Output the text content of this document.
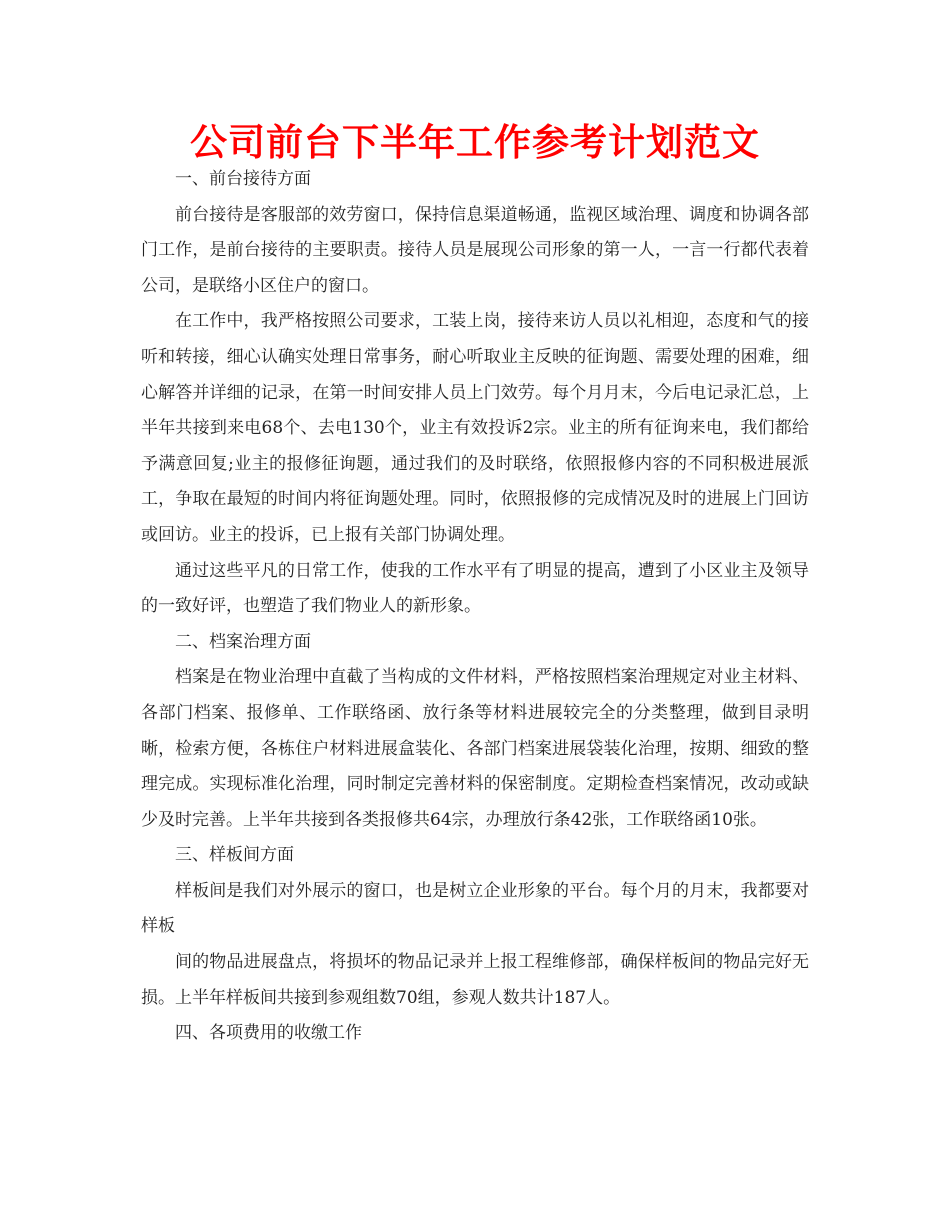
公司前台下半年工作参考计划范文

一、前台接待方面

前台接待是客服部的效劳窗口，保持信息渠道畅通，监视区域治理、调度和协调各部门工作，是前台接待的主要职责。接待人员是展现公司形象的第一人，一言一行都代表着公司，是联络小区住户的窗口。

在工作中，我严格按照公司要求，工装上岗，接待来访人员以礼相迎，态度和气的接听和转接，细心认确实处理日常事务，耐心听取业主反映的征询题、需要处理的困难，细心解答并详细的记录，在第一时间安排人员上门效劳。每个月月末，今后电记录汇总，上半年共接到来电68个、去电130个，业主有效投诉2宗。业主的所有征询来电，我们都给予满意回复;业主的报修征询题，通过我们的及时联络，依照报修内容的不同积极进展派工，争取在最短的时间内将征询题处理。同时，依照报修的完成情况及时的进展上门回访或回访。业主的投诉，已上报有关部门协调处理。

通过这些平凡的日常工作，使我的工作水平有了明显的提高，遭到了小区业主及领导的一致好评，也塑造了我们物业人的新形象。

二、档案治理方面

档案是在物业治理中直截了当构成的文件材料，严格按照档案治理规定对业主材料、各部门档案、报修单、工作联络函、放行条等材料进展较完全的分类整理，做到目录明晰，检索方便，各栋住户材料进展盒装化、各部门档案进展袋装化治理，按期、细致的整理完成。实现标准化治理，同时制定完善材料的保密制度。定期检查档案情况，改动或缺少及时完善。上半年共接到各类报修共64宗，办理放行条42张，工作联络函10张。

三、样板间方面

样板间是我们对外展示的窗口，也是树立企业形象的平台。每个月的月末，我都要对样板

间的物品进展盘点，将损坏的物品记录并上报工程维修部，确保样板间的物品完好无损。上半年样板间共接到参观组数70组，参观人数共计187人。

四、各项费用的收缴工作
